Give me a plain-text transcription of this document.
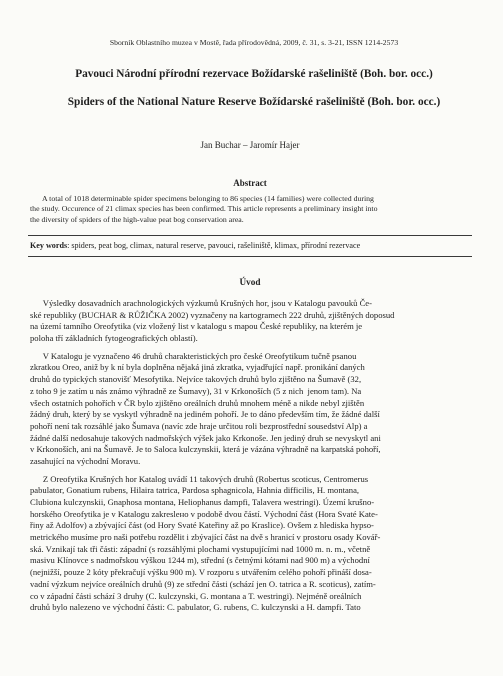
Sborník Oblastního muzea v Mostě, řada přírodovědná, 2009, č. 31, s. 3-21, ISSN 1214-2573
Pavouci Národní přírodní rezervace Božídarské rašeliniště (Boh. bor. occ.)
Spiders of the National Nature Reserve Božídarské rašeliniště (Boh. bor. occ.)
Jan Buchar – Jaromír Hajer
Abstract
A total of 1018 determinable spider specimens belonging to 86 species (14 families) were collected during
the study. Occurence of 21 climax species has been confirmed. This article represents a preliminary insight into
the diversity of spiders of the high-value peat bog conservation area.
Key words: spiders, peat bog, climax, natural reserve, pavouci, rašeliniště, klimax, přírodní rezervace
Úvod
Výsledky dosavadních arachnologických výzkumů Krušných hor, jsou v Katalogu pavouků Če-
ské republiky (BUCHAR & RŮŽIČKA 2002) vyznačeny na kartogramech 222 druhů, zjištěných doposud
na území tamního Oreofytika (viz vložený list v katalogu s mapou České republiky, na kterém je
poloha tří základních fytogeografických oblastí).
V Katalogu je vyznačeno 46 druhů charakteristických pro české Oreofytikum tučně psanou
zkratkou Oreo, aniž by k ní byla doplněna nějaká jiná zkratka, vyjadřující např. pronikání daných
druhů do typických stanovišť Mesofytika. Nejvíce takových druhů bylo zjištěno na Šumavě (32,
z toho 9 je zatím u nás známo výhradně ze Šumavy), 31 v Krkonoších (5 z nich  jenom tam). Na
všech ostatních pohořích v ČR bylo zjištěno oreálních druhů mnohem méně a nikde nebyl zjištěn
žádný druh, který by se vyskytl výhradně na jediném pohoří. Je to dáno především tím, že žádné další
pohoří není tak rozsáhlé jako Šumava (navíc zde hraje určitou roli bezprostřední sousedství Alp) a
žádné další nedosahuje takových nadmořských výšek jako Krkonoše. Jen jediný druh se nevyskytl ani
v Krkonoších, ani na Šumavě. Je to Saloca kulczynskii, která je vázána výhradně na karpatská pohoří,
zasahující na východní Moravu.
Z Oreofytika Krušných hor Katalog uvádí 11 takových druhů (Robertus scoticus, Centromerus
pabulator, Gonatium rubens, Hilaira tatrica, Pardosa sphagnicola, Hahnia difficilis, H. montana,
Clubiona kulczynskii, Gnaphosa montana, Heliophanus dampfi, Talavera westringi). Území krušno-
horského Oreofytika je v Katalogu zakreslено v podobě dvou částí. Východní část (Hora Svaté Kate-
řiny až Adolfov) a zbývající část (od Hory Svaté Kateřiny až po Kraslice). Ovšem z hlediska hypso-
metrického musíme pro naši potřebu rozdělit i zbývající část na dvě s hranicí v prostoru osady Kovář-
ská. Vznikají tak tři části: západní (s rozsáhlými plochami vystupujícími nad 1000 m. n. m., včetně
masivu Klínovce s nadmořskou výškou 1244 m), střední (s četnými kótami nad 900 m) a východní
(nejnižší, pouze 2 kóty překračují výšku 900 m). V rozporu s utvářením celého pohoří přináší dosa-
vadní výzkum nejvíce oreálních druhů (9) ze střední části (schází jen O. tatrica a R. scoticus), zatím-
co v západní části schází 3 druhy (C. kulczynski, G. montana a T. westringi). Nejméně oreálních
druhů bylo nalezeno ve východní části: C. pabulator, G. rubens, C. kulczynski a H. dampfi. Tato
